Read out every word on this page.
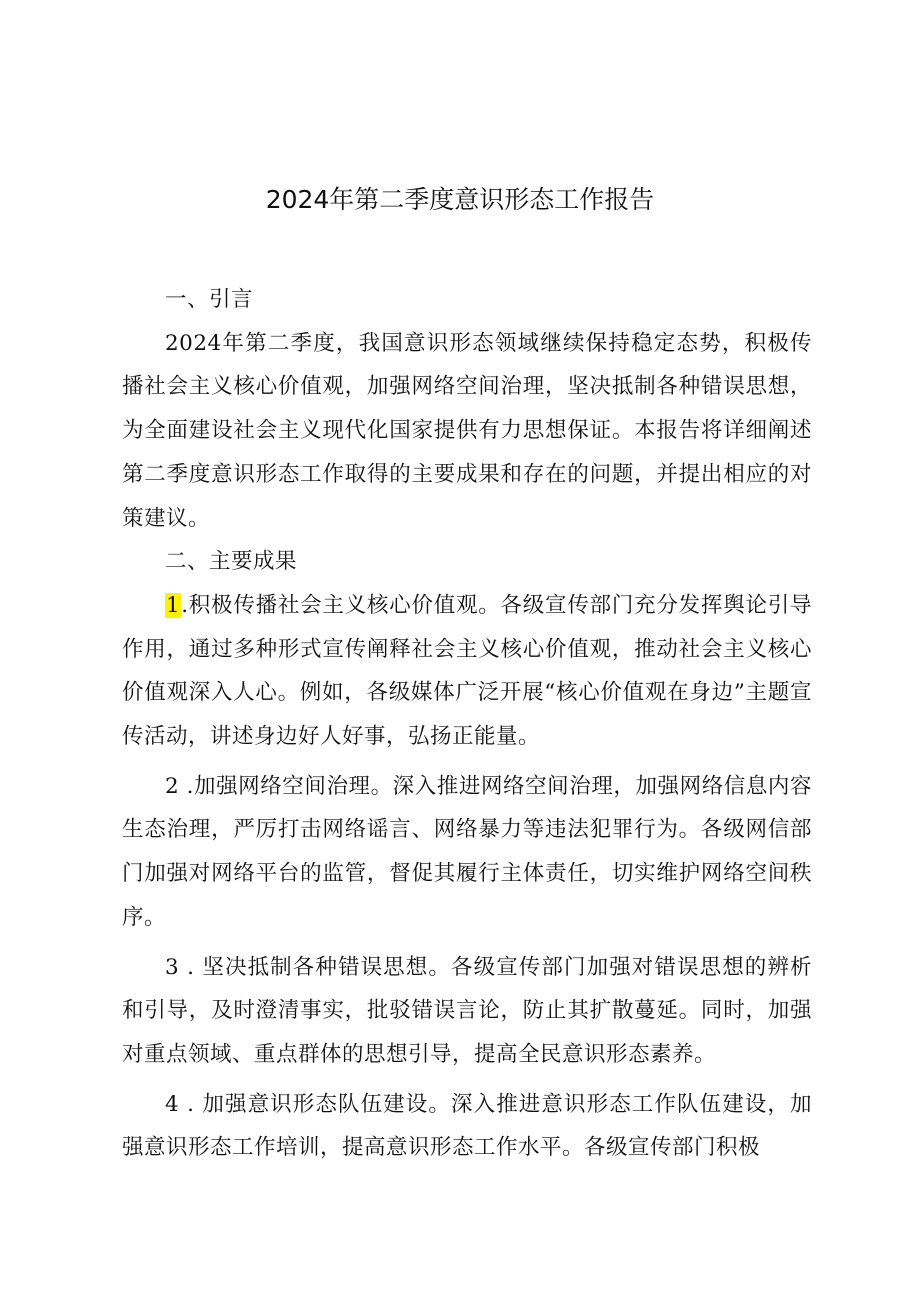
2024年第二季度意识形态工作报告

一、引言

2024年第二季度，我国意识形态领域继续保持稳定态势，积极传播社会主义核心价值观，加强网络空间治理，坚决抵制各种错误思想，为全面建设社会主义现代化国家提供有力思想保证。本报告将详细阐述第二季度意识形态工作取得的主要成果和存在的问题，并提出相应的对策建议。

二、主要成果

1.积极传播社会主义核心价值观。各级宣传部门充分发挥舆论引导作用，通过多种形式宣传阐释社会主义核心价值观，推动社会主义核心价值观深入人心。例如，各级媒体广泛开展“核心价值观在身边”主题宣传活动，讲述身边好人好事，弘扬正能量。

2 .加强网络空间治理。深入推进网络空间治理，加强网络信息内容生态治理，严厉打击网络谣言、网络暴力等违法犯罪行为。各级网信部门加强对网络平台的监管，督促其履行主体责任，切实维护网络空间秩序。

3 . 坚决抵制各种错误思想。各级宣传部门加强对错误思想的辨析和引导，及时澄清事实，批驳错误言论，防止其扩散蔓延。同时，加强对重点领域、重点群体的思想引导，提高全民意识形态素养。

4 . 加强意识形态队伍建设。深入推进意识形态工作队伍建设，加强意识形态工作培训，提高意识形态工作水平。各级宣传部门积极
